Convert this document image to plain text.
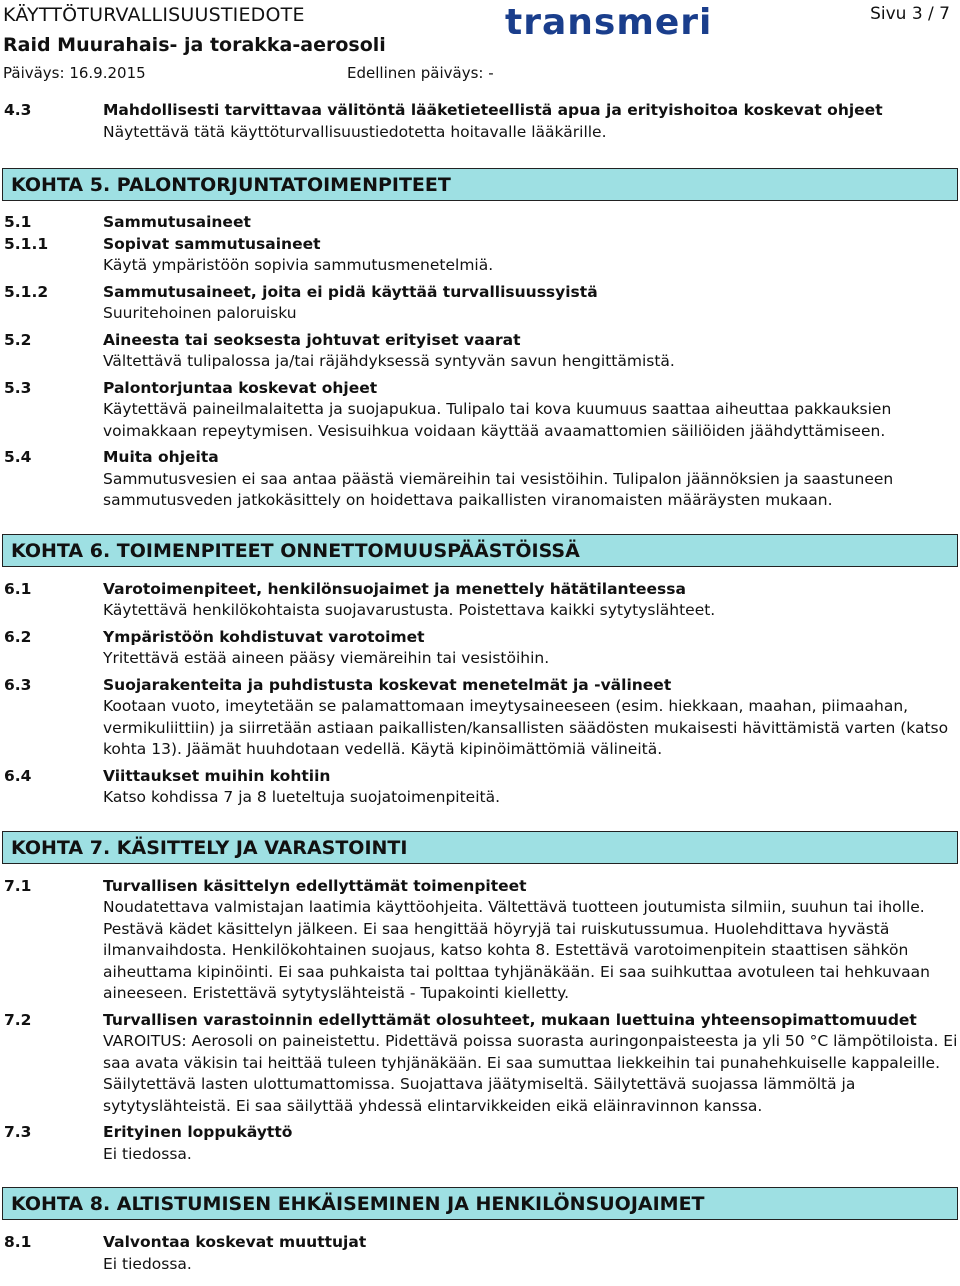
KÄYTTÖTURVALLISUUSTIEDOTE
Raid Muurahais- ja torakka-aerosoli
Päiväys: 16.9.2015	Edellinen päiväys: -
Sivu 3 / 7
transmeri
4.3	Mahdollisesti tarvittavaa välitöntä lääketieteellistä apua ja erityishoitoa koskevat ohjeet
Näytettävä tätä käyttöturvallisuustiedotetta hoitavalle lääkärille.
KOHTA 5. PALONTORJUNTATOIMENPITEET
5.1	Sammutusaineet
5.1.1	Sopivat sammutusaineet
Käytä ympäristöön sopivia sammutusmenetelmiä.
5.1.2	Sammutusaineet, joita ei pidä käyttää turvallisuussyistä
Suuritehoinen paloruisku
5.2	Aineesta tai seoksesta johtuvat erityiset vaarat
Vältettävä tulipalossa ja/tai räjähdyksessä syntyvän savun hengittämistä.
5.3	Palontorjuntaa koskevat ohjeet
Käytettävä paineilmalaitetta ja suojapukua. Tulipalo tai kova kuumuus saattaa aiheuttaa pakkauksien voimakkaan repeytymisen. Vesisuihkua voidaan käyttää avaamattomien säiliöiden jäähdyttämiseen.
5.4	Muita ohjeita
Sammutusvesien ei saa antaa päästä viemäreihin tai vesistöihin. Tulipalon jäännöksien ja saastuneen sammutusveden jatkokäsittely on hoidettava paikallisten viranomaisten määräysten mukaan.
KOHTA 6. TOIMENPITEET ONNETTOMUUSPÄÄSTÖISSÄ
6.1	Varotoimenpiteet, henkilönsuojaimet ja menettely hätätilanteessa
Käytettävä henkilökohtaista suojavarustusta. Poistettava kaikki sytytyslähteet.
6.2	Ympäristöön kohdistuvat varotoimet
Yritettävä estää aineen pääsy viemäreihin tai vesistöihin.
6.3	Suojarakenteita ja puhdistusta koskevat menetelmät ja -välineet
Kootaan vuoto, imeytetään se palamattomaan imeytysaineeseen (esim. hiekkaan, maahan, piimaahan, vermikuliittiin) ja siirretään astiaan paikallisten/kansallisten säädösten mukaisesti hävittämistä varten (katso kohta 13). Jäämät huuhdotaan vedellä. Käytä kipinöimättömiä välineitä.
6.4	Viittaukset muihin kohtiin
Katso kohdissa 7 ja 8 lueteltuja suojatoimenpiteitä.
KOHTA 7. KÄSITTELY JA VARASTOINTI
7.1	Turvallisen käsittelyn edellyttämät toimenpiteet
Noudatettava valmistajan laatimia käyttöohjeita. Vältettävä tuotteen joutumista silmiin, suuhun tai iholle. Pestävä kädet käsittelyn jälkeen. Ei saa hengittää höyryjä tai ruiskutussumua. Huolehdittava hyvästä ilmanvaihdosta. Henkilökohtainen suojaus, katso kohta 8. Estettävä varotoimenpitein staattisen sähkön aiheuttama kipinöinti. Ei saa puhkaista tai polttaa tyhjänäkään. Ei saa suihkuttaa avotuleen tai hehkuvaan aineeseen. Eristettävä sytytyslähteistä - Tupakointi kielletty.
7.2	Turvallisen varastoinnin edellyttämät olosuhteet, mukaan luettuina yhteensopimattomuudet
VAROITUS: Aerosoli on paineistettu. Pidettävä poissa suorasta auringonpaisteesta ja yli 50 °C lämpötiloista. Ei saa avata väkisin tai heittää tuleen tyhjänäkään. Ei saa sumuttaa liekkeihin tai punahehkuiselle kappaleille. Säilytettävä lasten ulottumattomissa. Suojattava jäätymiseltä. Säilytettävä suojassa lämmöltä ja sytytyslähteistä. Ei saa säilyttää yhdessä elintarvikkeiden eikä eläinravinnon kanssa.
7.3	Erityinen loppukäyttö
Ei tiedossa.
KOHTA 8. ALTISTUMISEN EHKÄISEMINEN JA HENKILÖNSUOJAIMET
8.1	Valvontaa koskevat muuttujat
Ei tiedossa.
